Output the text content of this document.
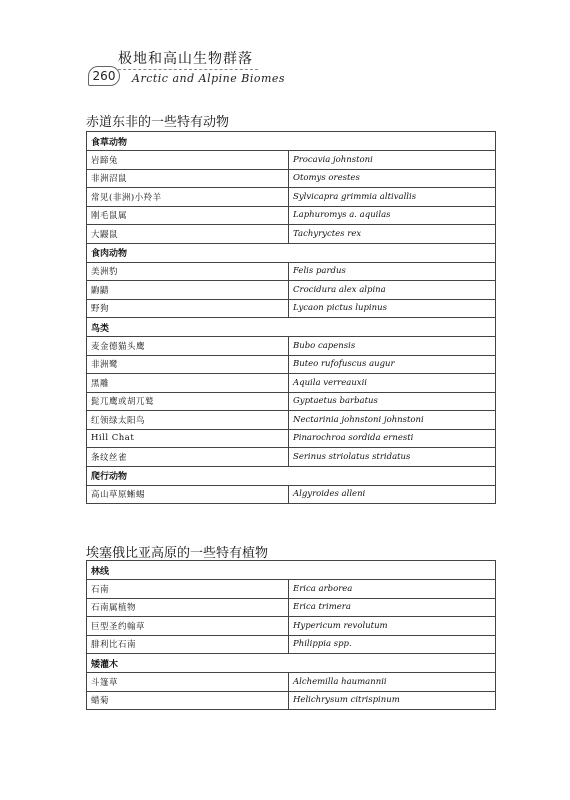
260
极地和高山生物群落
Arctic and Alpine Biomes
赤道东非的一些特有动物
食草动物	
岩蹄兔	Procavia johnstoni
非洲沼鼠	Otomys orestes
常见(非洲)小羚羊	Sylvicapra grimmia altivallis
刚毛鼠属	Laphuromys a. aquilas
大鼹鼠	Tachyryctes rex
食肉动物	
美洲豹	Felis pardus
鼩鼱	Crocidura alex alpina
野狗	Lycaon pictus lupinus
鸟类	
麦金德猫头鹰	Bubo capensis
非洲鹭	Buteo rufofuscus augur
黑雕	Aquila verreauxii
髭兀鹰或胡兀鹫	Gyptaetus barbatus
红领绿太阳鸟	Nectarinia johnstoni johnstoni
Hill Chat	Pinarochroa sordida ernesti
条纹丝雀	Serinus striolatus stridatus
爬行动物	
高山草原蜥蜴	Algyroides alleni
埃塞俄比亚高原的一些特有植物
林线	
石南	Erica arborea
石南属植物	Erica trimera
巨型圣约翰草	Hypericum revolutum
腓利比石南	Philippia spp.
矮灌木	
斗篷草	Alchemilla haumannii
蜡菊	Helichrysum citrispinum
